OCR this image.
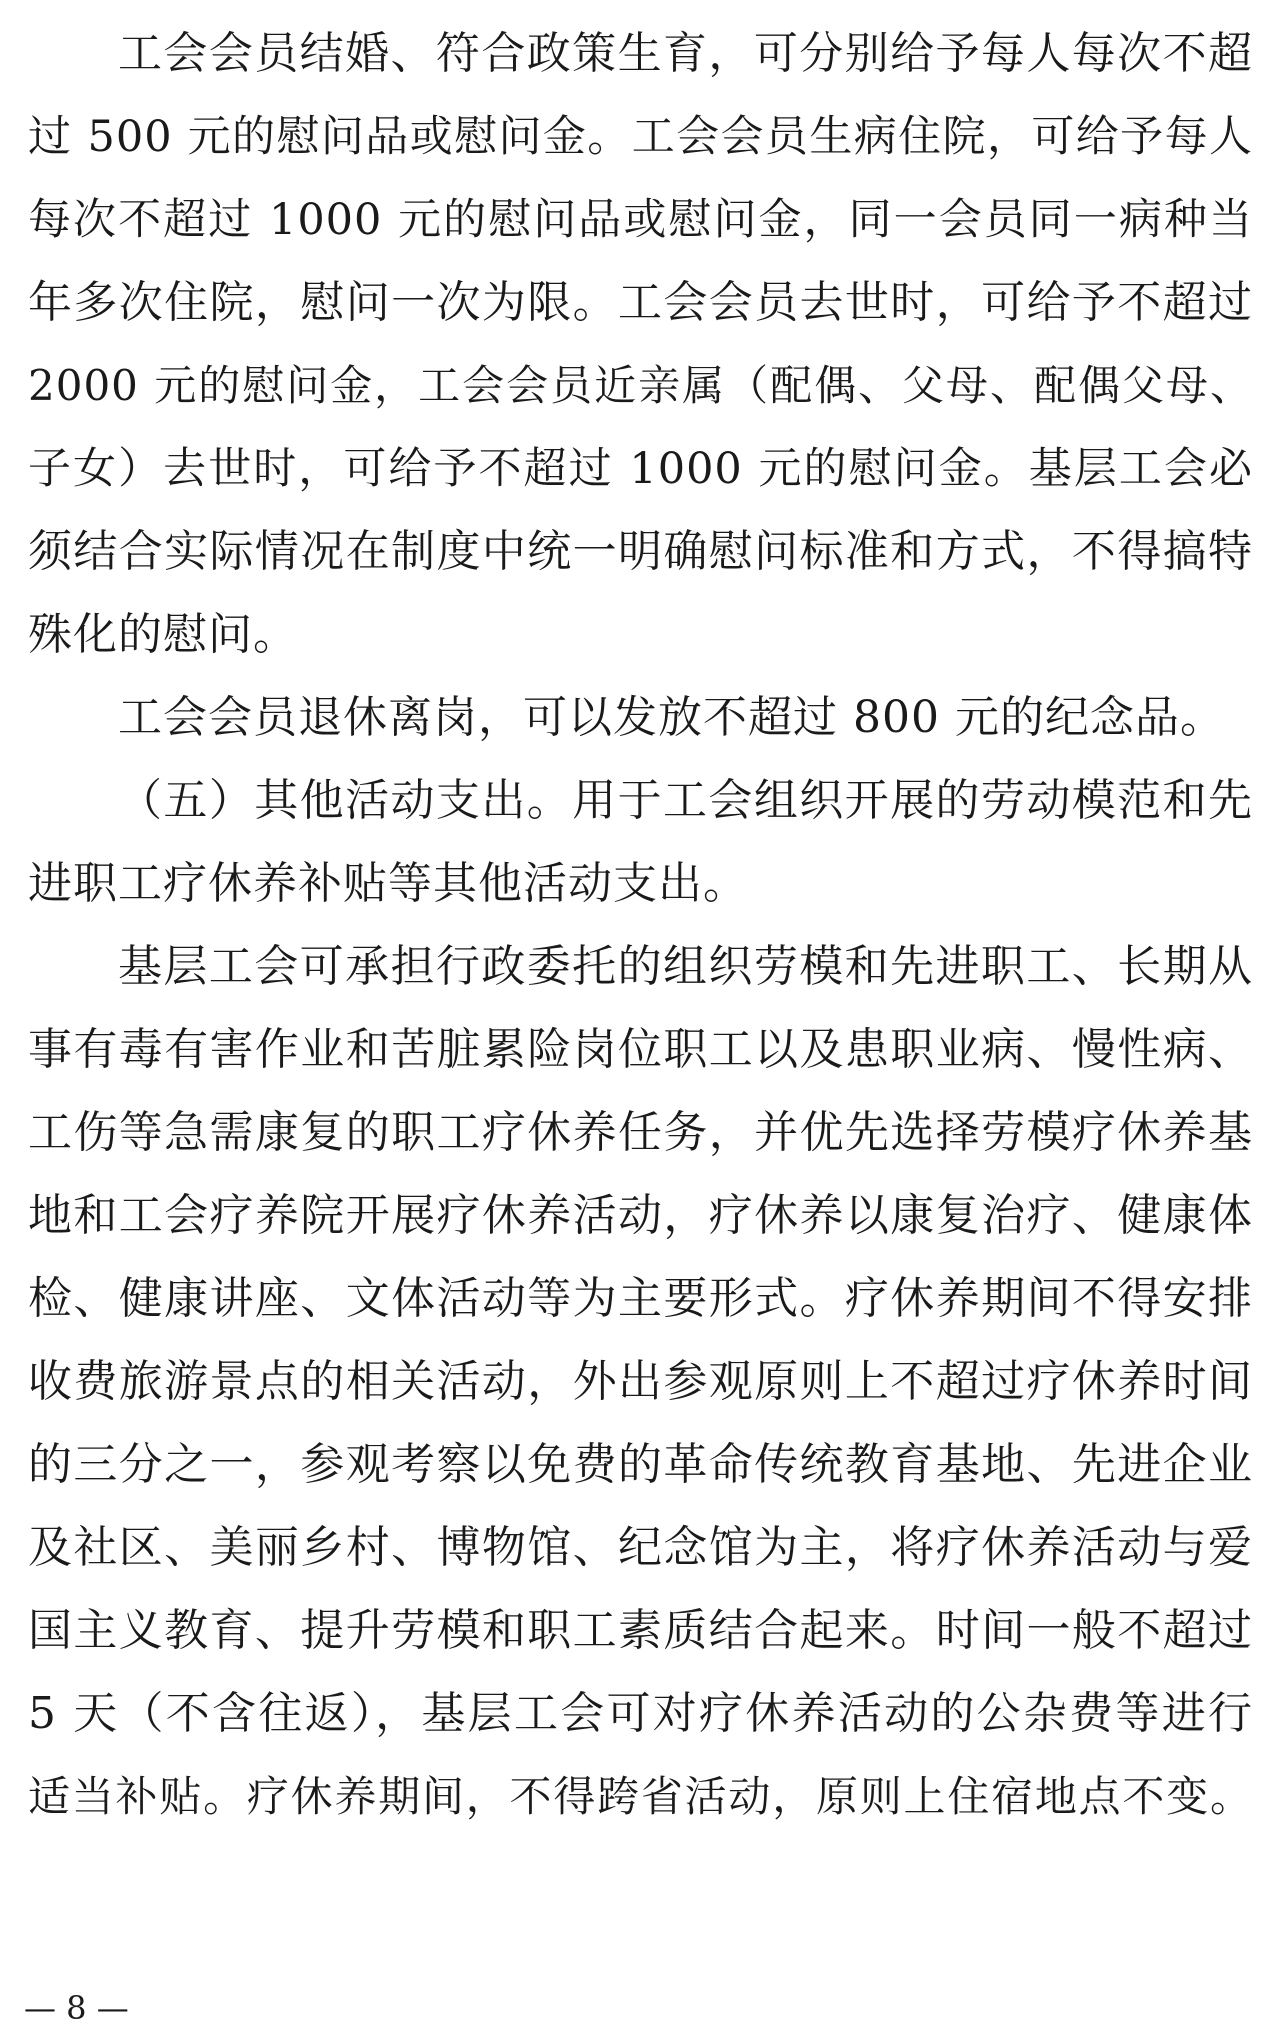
工会会员结婚、符合政策生育，可分别给予每人每次不超
过 500 元的慰问品或慰问金。工会会员生病住院，可给予每人
每次不超过 1000 元的慰问品或慰问金，同一会员同一病种当
年多次住院，慰问一次为限。工会会员去世时，可给予不超过
2000 元的慰问金，工会会员近亲属（配偶、父母、配偶父母、
子女）去世时，可给予不超过 1000 元的慰问金。基层工会必
须结合实际情况在制度中统一明确慰问标准和方式，不得搞特
殊化的慰问。
工会会员退休离岗，可以发放不超过 800 元的纪念品。
（五）其他活动支出。用于工会组织开展的劳动模范和先
进职工疗休养补贴等其他活动支出。
基层工会可承担行政委托的组织劳模和先进职工、长期从
事有毒有害作业和苦脏累险岗位职工以及患职业病、慢性病、
工伤等急需康复的职工疗休养任务，并优先选择劳模疗休养基
地和工会疗养院开展疗休养活动，疗休养以康复治疗、健康体
检、健康讲座、文体活动等为主要形式。疗休养期间不得安排
收费旅游景点的相关活动，外出参观原则上不超过疗休养时间
的三分之一，参观考察以免费的革命传统教育基地、先进企业
及社区、美丽乡村、博物馆、纪念馆为主，将疗休养活动与爱
国主义教育、提升劳模和职工素质结合起来。时间一般不超过
5 天（不含往返），基层工会可对疗休养活动的公杂费等进行
适当补贴。疗休养期间，不得跨省活动，原则上住宿地点不变。
— 8 —
